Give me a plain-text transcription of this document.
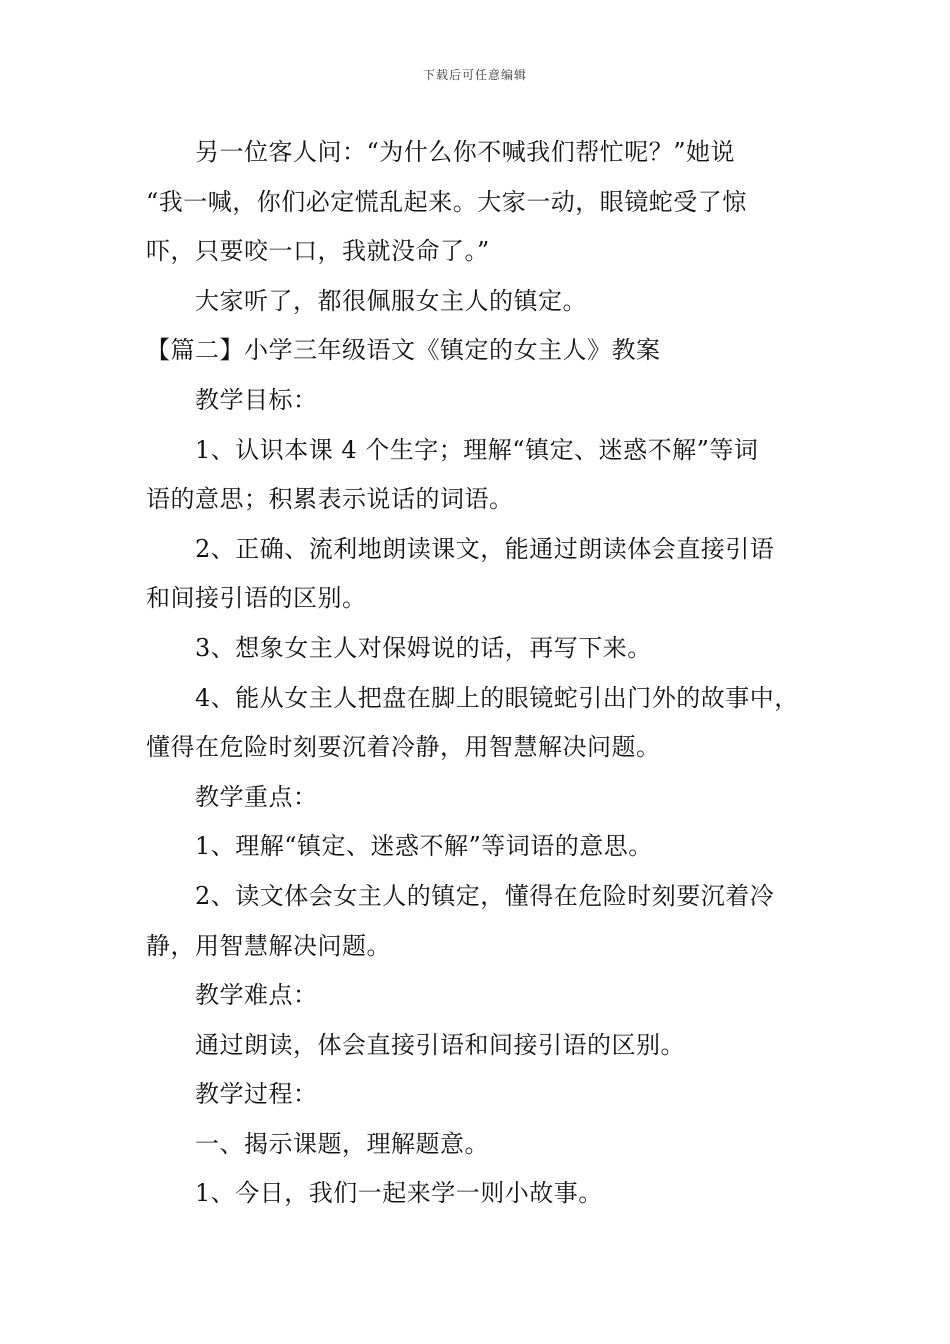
下载后可任意编辑
另一位客人问：“为什么你不喊我们帮忙呢？”她说
“我一喊，你们必定慌乱起来。大家一动，眼镜蛇受了惊
吓，只要咬一口，我就没命了。”
大家听了，都很佩服女主人的镇定。
【篇二】小学三年级语文《镇定的女主人》教案
教学目标：
1、认识本课 4 个生字；理解“镇定、迷惑不解”等词
语的意思；积累表示说话的词语。
2、正确、流利地朗读课文，能通过朗读体会直接引语
和间接引语的区别。
3、想象女主人对保姆说的话，再写下来。
4、能从女主人把盘在脚上的眼镜蛇引出门外的故事中，
懂得在危险时刻要沉着冷静，用智慧解决问题。
教学重点：
1、理解“镇定、迷惑不解”等词语的意思。
2、读文体会女主人的镇定，懂得在危险时刻要沉着冷
静，用智慧解决问题。
教学难点：
通过朗读，体会直接引语和间接引语的区别。
教学过程：
一、揭示课题，理解题意。
1、今日，我们一起来学一则小故事。
